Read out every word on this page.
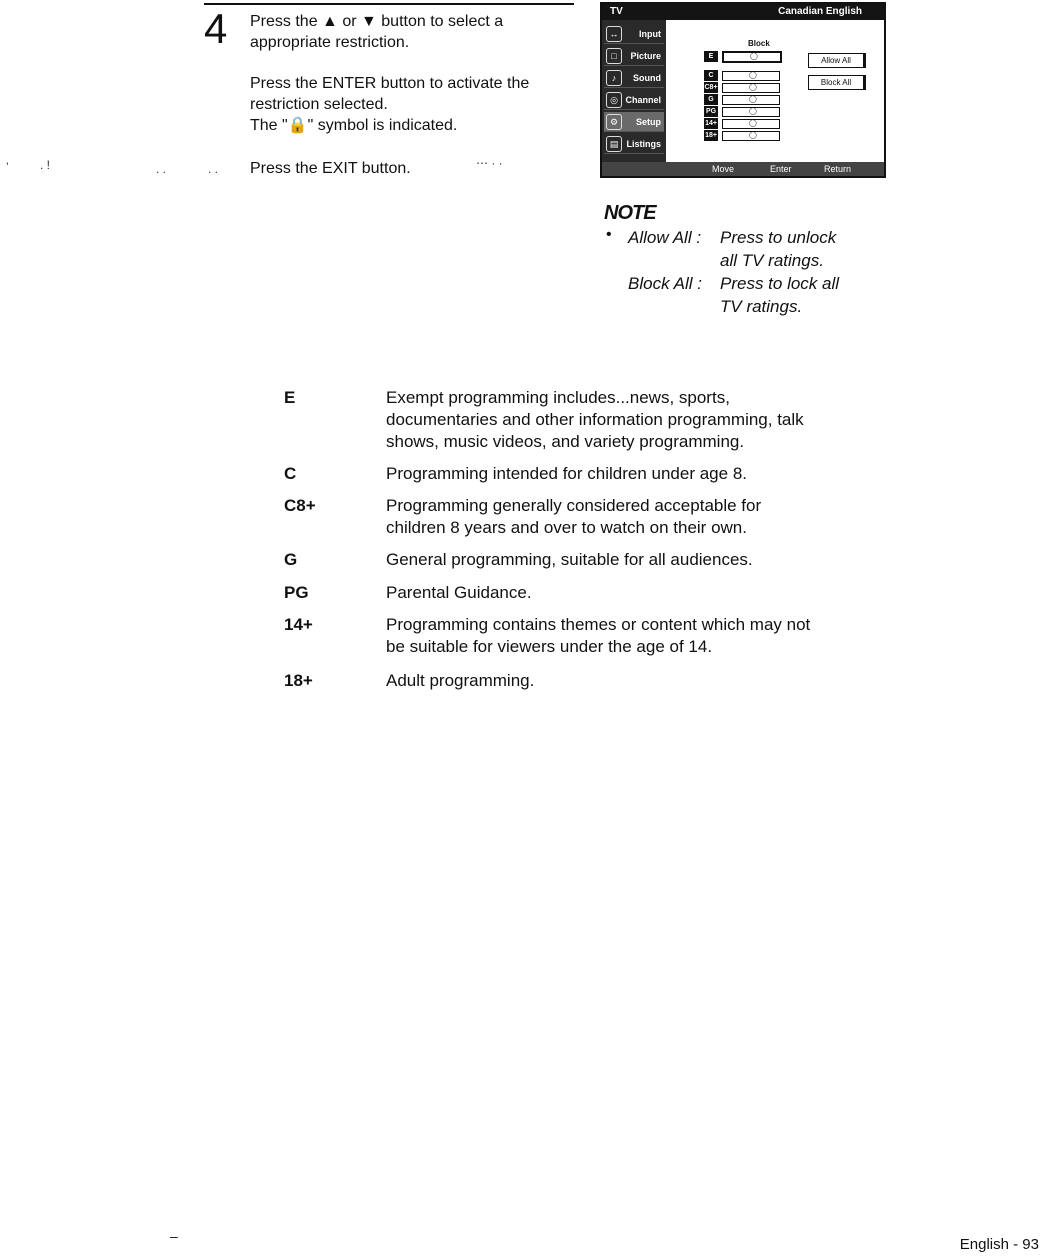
4 Press the ▲ or ▼ button to select a
appropriate restriction.
Press the ENTER button to activate the
restriction selected.
The "🔒" symbol is indicated.
Press the EXIT button.
’	. !	. .	. .	⋯ · ·
TV	Canadian English
↔	Input
□	Picture
♪	Sound
◎ Channel
⚙	Setup
▤ Listings
Block
E	◯
C	◯
C8+	◯
G	◯
PG	◯
14+	◯
18+	◯
Allow All
Block All
Move	Enter	Return
NOTE
• Allow All : Press to unlock
all TV ratings.
Block All : Press to lock all
TV ratings.
E	Exempt programming includes...news, sports, documentaries and other information programming, talk shows, music videos, and variety programming.
C	Programming intended for children under age 8.
C8+	Programming generally considered acceptable for children 8 years and over to watch on their own.
G	General programming, suitable for all audiences.
PG	Parental Guidance.
14+	Programming contains themes or content which may not be suitable for viewers under the age of 14.
18+	Adult programming.
–	English - 93
